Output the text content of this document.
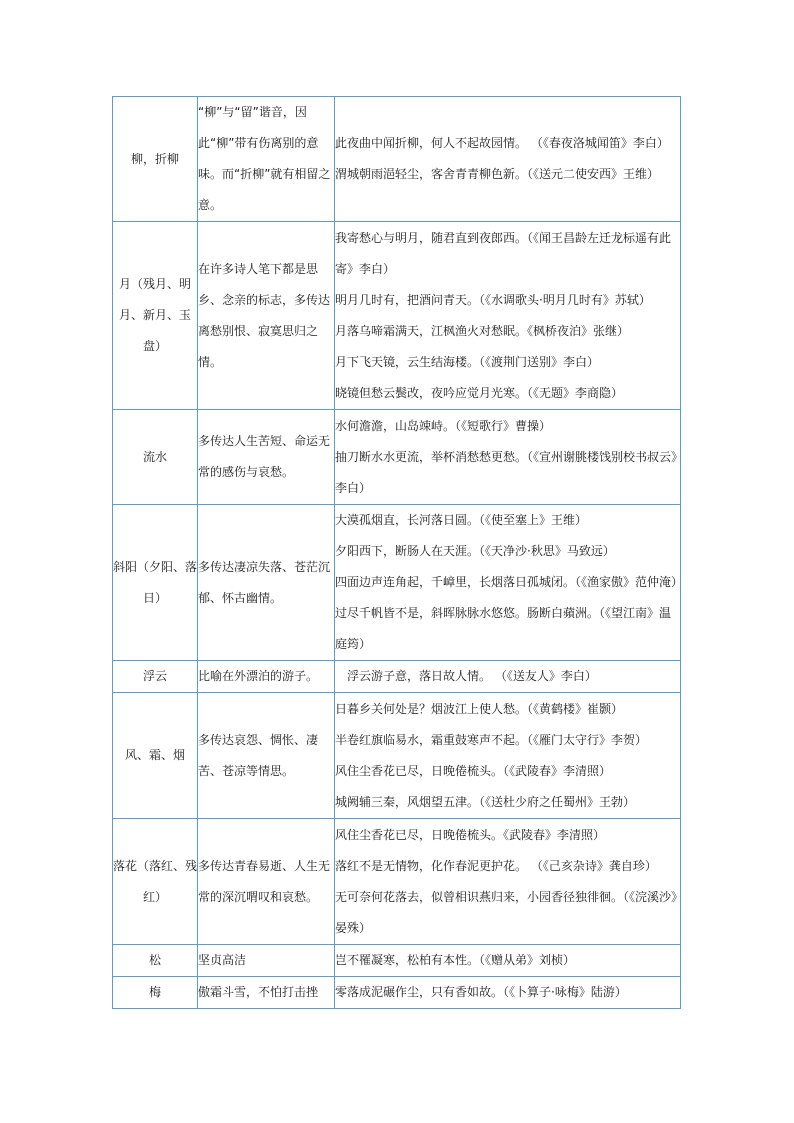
柳，折柳	“柳”与“留”谐音，因此“柳”带有伤离别的意味。而“折柳”就有相留之意。	此夜曲中闻折柳，何人不起故园情。 （《春夜洛城闻笛》李白）
渭城朝雨浥轻尘，客舍青青柳色新。（《送元二使安西》王维）

月（残月、明月、新月、玉盘）	在许多诗人笔下都是思乡、念亲的标志，多传达离愁别恨、寂寞思归之情。	我寄愁心与明月，随君直到夜郎西。（《闻王昌龄左迁龙标遥有此寄》李白）
明月几时有，把酒问青天。（《水调歌头·明月几时有》苏轼）
月落乌啼霜满天，江枫渔火对愁眠。《枫桥夜泊》张继）
月下飞天镜，云生结海楼。（《渡荆门送别》李白）
晓镜但愁云鬓改，夜吟应觉月光寒。（《无题》李商隐）

流水	多传达人生苦短、命运无常的感伤与哀愁。	水何澹澹，山岛竦峙。（《短歌行》曹操）
抽刀断水水更流，举杯消愁愁更愁。（《宣州谢朓楼饯别校书叔云》李白）

斜阳（夕阳、落日）	多传达凄凉失落、苍茫沉郁、怀古幽情。	大漠孤烟直，长河落日圆。（《使至塞上》王维）
夕阳西下，断肠人在天涯。（《天净沙·秋思》马致远）
四面边声连角起，千嶂里，长烟落日孤城闭。（《渔家傲》范仲淹）过尽千帆皆不是，斜晖脉脉水悠悠。肠断白蘋洲。（《望江南》温庭筠）

浮云	比喻在外漂泊的游子。	浮云游子意，落日故人情。 （《送友人》李白）

风、霜、烟	多传达哀怨、惆怅、凄苦、苍凉等情思。	日暮乡关何处是？烟波江上使人愁。（《黄鹤楼》崔颢）
半卷红旗临易水，霜重鼓寒声不起。（《雁门太守行》李贺）
风住尘香花已尽，日晚倦梳头。（《武陵春》李清照）
城阙辅三秦，风烟望五津。（《送杜少府之任蜀州》王勃）

落花（落红、残红）	多传达青春易逝、人生无常的深沉喟叹和哀愁。	风住尘香花已尽，日晚倦梳头。《武陵春》李清照）
落红不是无情物，化作春泥更护花。 （《己亥杂诗》龚自珍）
无可奈何花落去，似曾相识燕归来，小园香径独徘徊。（《浣溪沙》晏殊）

松	坚贞高洁	岂不罹凝寒，松柏有本性。（《赠从弟》刘桢）

梅	傲霜斗雪，不怕打击挫	零落成泥碾作尘，只有香如故。（《卜算子·咏梅》陆游）
